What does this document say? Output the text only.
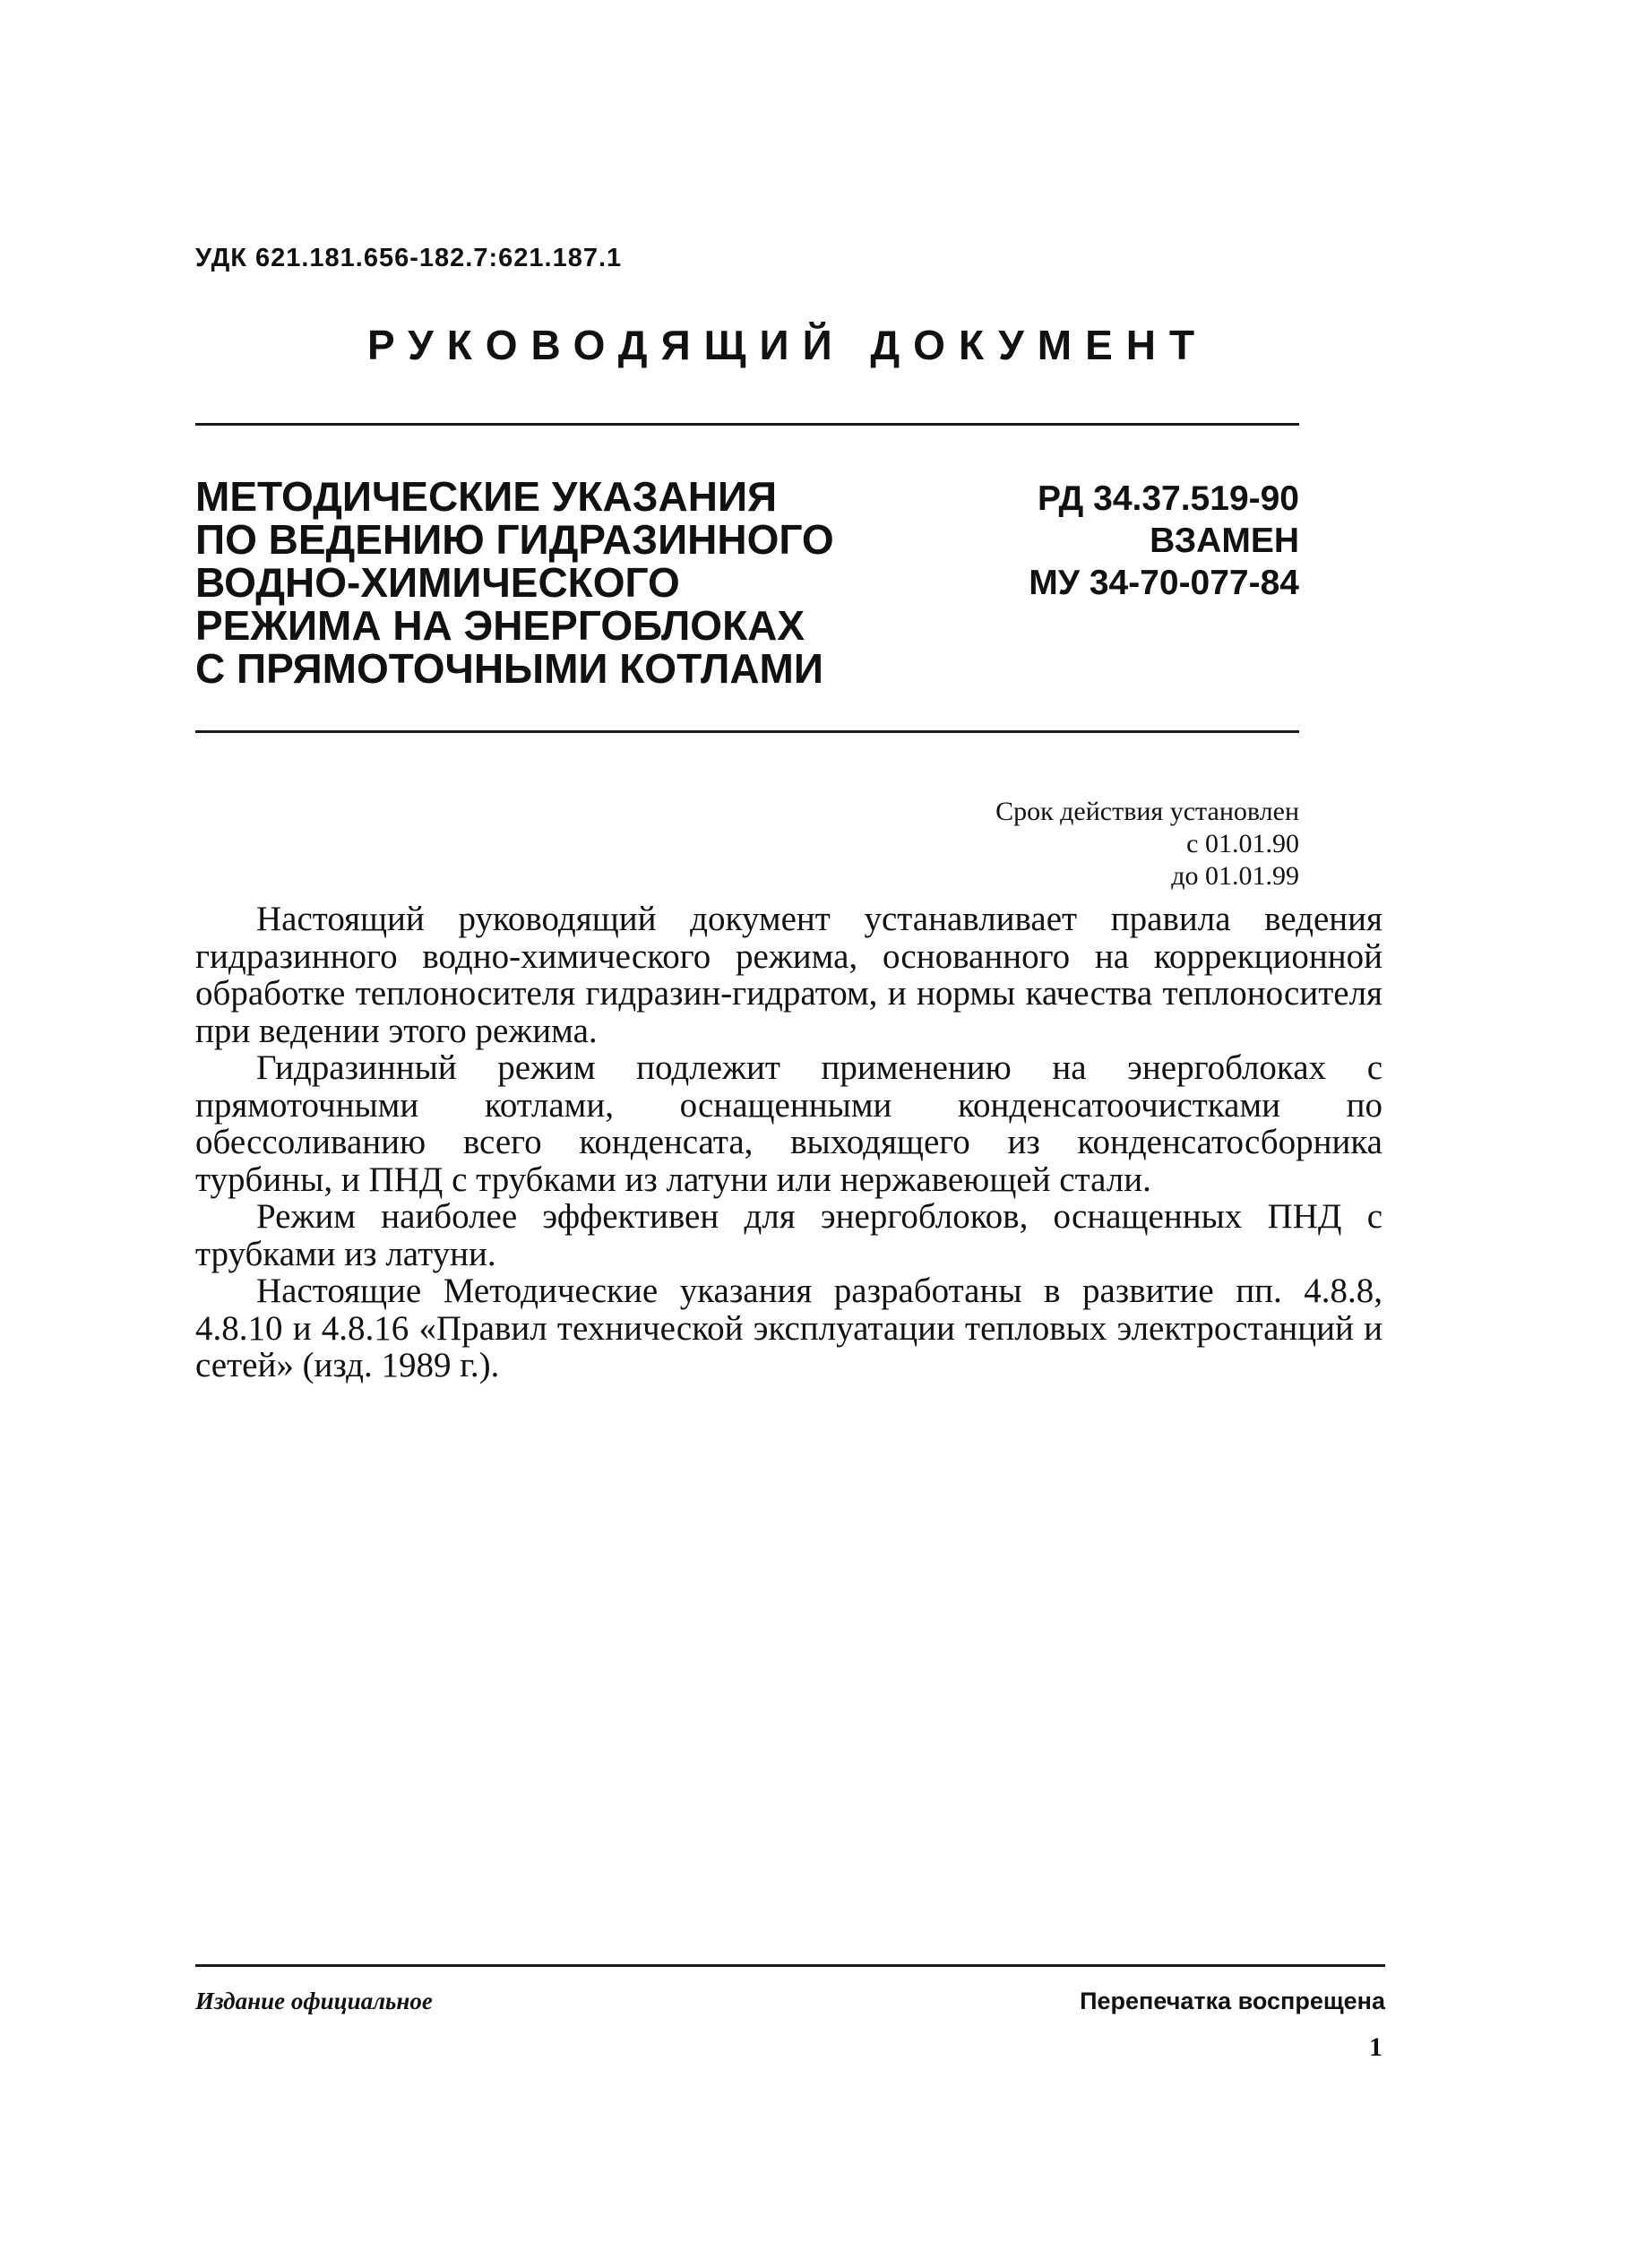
УДК 621.181.656-182.7:621.187.1
РУКОВОДЯЩИЙ ДОКУМЕНТ
МЕТОДИЧЕСКИЕ УКАЗАНИЯ
ПО ВЕДЕНИЮ ГИДРАЗИННОГО
ВОДНО-ХИМИЧЕСКОГО
РЕЖИМА НА ЭНЕРГОБЛОКАХ
С ПРЯМОТОЧНЫМИ КОТЛАМИ
РД 34.37.519-90
ВЗАМЕН
МУ 34-70-077-84
Срок действия установлен
с 01.01.90
до 01.01.99

Настоящий руководящий документ устанавливает правила ведения гидразинного водно-химического режима, основанного на коррекционной обработке теплоносителя гидразин-гидратом, и нормы качества теплоносителя при ведении этого режима.

Гидразинный режим подлежит применению на энергоблоках с прямоточными котлами, оснащенными конденсатоочистками по обессоливанию всего конденсата, выходящего из конденсатосборника турбины, и ПНД с трубками из латуни или нержавеющей стали.

Режим наиболее эффективен для энергоблоков, оснащенных ПНД с трубками из латуни.

Настоящие Методические указания разработаны в развитие пп. 4.8.8, 4.8.10 и 4.8.16 «Правил технической эксплуатации тепловых электростанций и сетей» (изд. 1989 г.).

Издание официальное	Перепечатка воспрещена
1
